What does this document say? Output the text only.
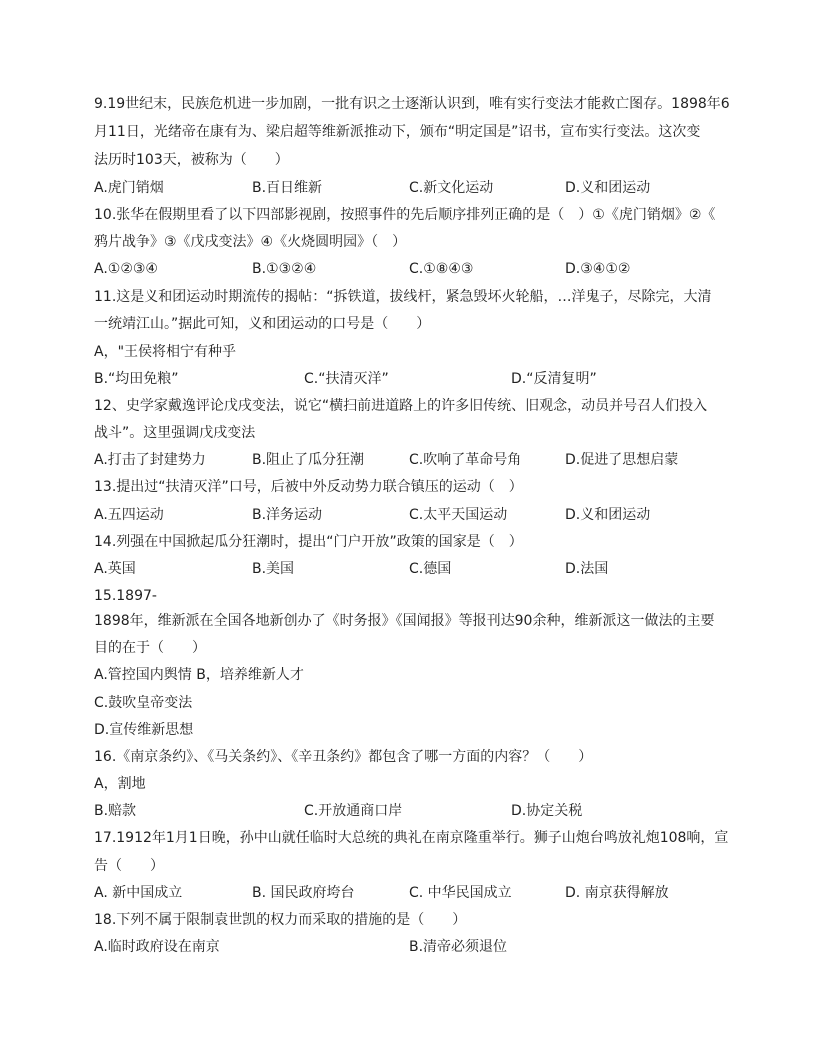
9.19世纪末，民族危机进一步加剧，一批有识之士逐渐认识到，唯有实行变法才能救亡图存。1898年6
月11日，光绪帝在康有为、梁启超等维新派推动下，颁布“明定国是”诏书，宣布实行变法。这次变
法历时103天，被称为（　　）
A.虎门销烟	B.百日维新	C.新文化运动	D.义和团运动
10.张华在假期里看了以下四部影视剧，按照事件的先后顺序排列正确的是（　）①《虎门销烟》②《
鸦片战争》③《戊戌变法》④《火烧圆明园》（　）
A.①②③④	B.①③②④	C.①⑧④③	D.③④①②
11.这是义和团运动时期流传的揭帖：“拆铁道，拔线杆，紧急毁坏火轮船，…洋鬼子，尽除完，大清
一统靖江山。”据此可知，义和团运动的口号是（　　）
A，"王侯将相宁有种乎
B.“均田免粮”	C.“扶清灭洋”	D.“反清复明”
12、史学家戴逸评论戊戌变法，说它“横扫前进道路上的许多旧传统、旧观念，动员并号召人们投入
战斗”。这里强调戊戌变法
A.打击了封建势力	B.阻止了瓜分狂潮	C.吹响了革命号角	D.促进了思想启蒙
13.提出过“扶清灭洋”口号，后被中外反动势力联合镇压的运动（　）
A.五四运动	B.洋务运动	C.太平天国运动	D.义和团运动
14.列强在中国掀起瓜分狂潮时，提出“门户开放”政策的国家是（　）
A.英国	B.美国	C.德国	D.法国
15.1897-
1898年，维新派在全国各地新创办了《时务报》《国闻报》等报刊达90余种，维新派这一做法的主要
目的在于（　　）
A.管控国内舆情 B，培养维新人才
C.鼓吹皇帝变法
D.宣传维新思想
16.《南京条约》、《马关条约》、《辛丑条约》都包含了哪一方面的内容？（　　）
A，割地
B.赔款	C.开放通商口岸	D.协定关税
17.1912年1月1日晚，孙中山就任临时大总统的典礼在南京隆重举行。狮子山炮台鸣放礼炮108响，宣
告（　　）
A. 新中国成立	B. 国民政府垮台	C. 中华民国成立	D. 南京获得解放
18.下列不属于限制袁世凯的权力而采取的措施的是（　　）
A.临时政府设在南京	B.清帝必须退位
